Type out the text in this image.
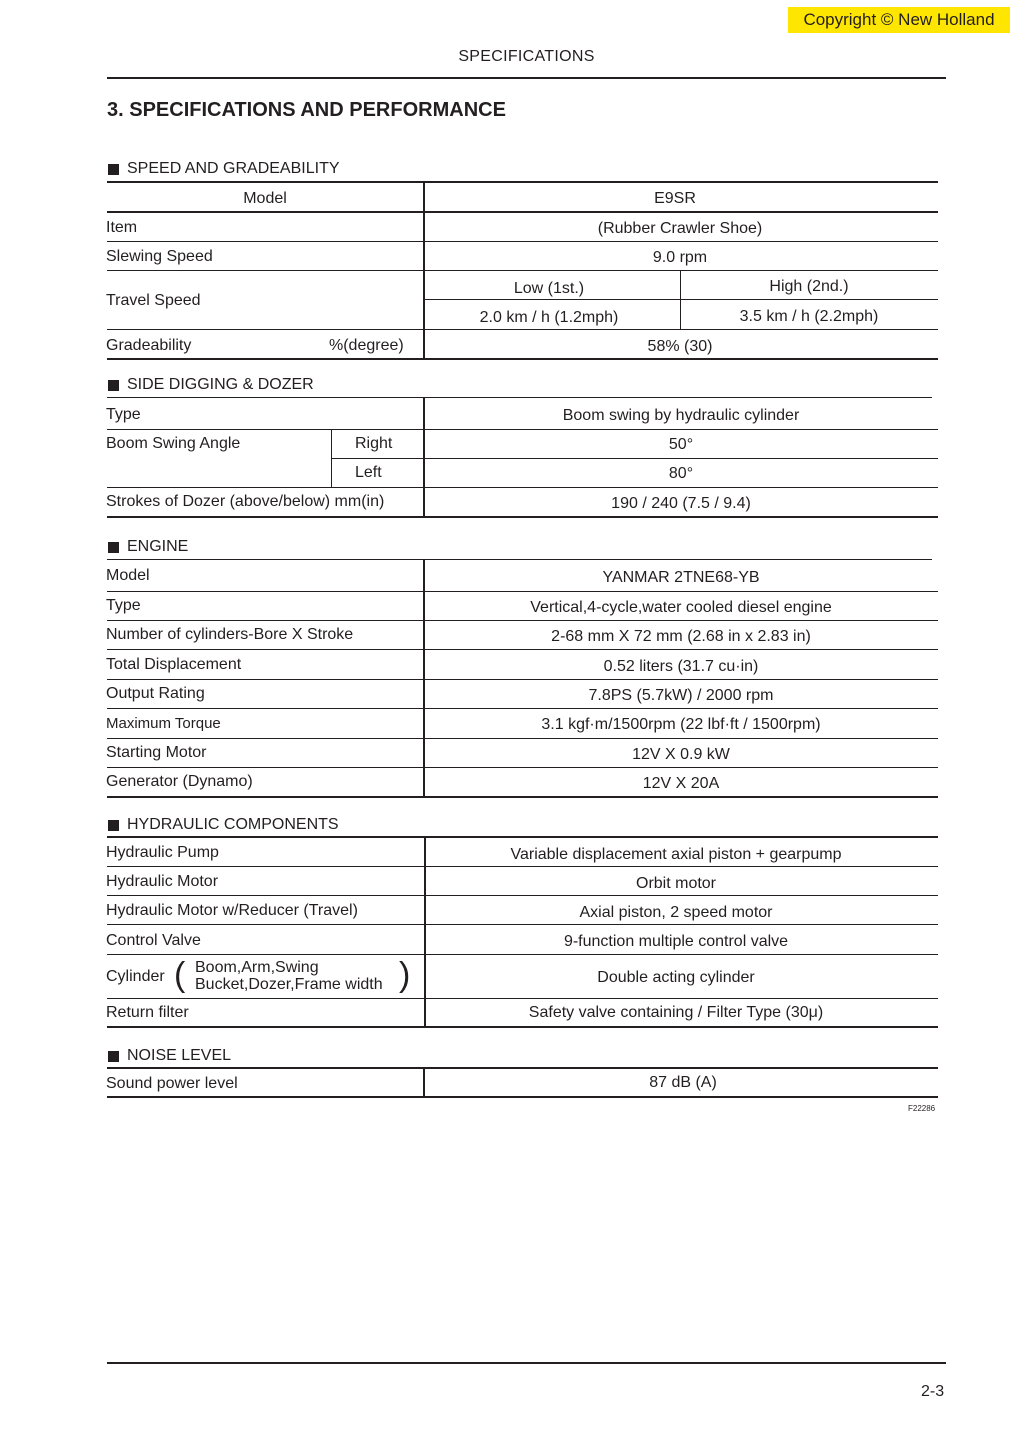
Copyright © New Holland
SPECIFICATIONS
3. SPECIFICATIONS AND PERFORMANCE
SPEED AND GRADEABILITY
Model	E9SR
Item	(Rubber Crawler Shoe)
Slewing Speed	9.0 rpm
Travel Speed
Low (1st.)	High (2nd.)
2.0 km / h (1.2mph)	3.5 km / h (2.2mph)
Gradeability	%(degree)	58% (30)
SIDE DIGGING & DOZER
Type	Boom swing by hydraulic cylinder
Boom Swing Angle	Right	50°
Left	80°
Strokes of Dozer (above/below) mm(in)	190 / 240 (7.5 / 9.4)
ENGINE
Model	YANMAR 2TNE68-YB
Type	Vertical,4-cycle,water cooled diesel engine
Number of cylinders-Bore X Stroke	2-68 mm X 72 mm (2.68 in x 2.83 in)
Total Displacement	0.52 liters (31.7 cu·in)
Output Rating	7.8PS (5.7kW) / 2000 rpm
Maximum Torque	3.1 kgf·m/1500rpm (22 lbf·ft / 1500rpm)
Starting Motor	12V X 0.9 kW
Generator (Dynamo)	12V X 20A
HYDRAULIC COMPONENTS
Hydraulic Pump	Variable displacement axial piston + gearpump
Hydraulic Motor	Orbit motor
Hydraulic Motor w/Reducer (Travel)	Axial piston, 2 speed motor
Control Valve	9-function multiple control valve
Cylinder ( Boom,Arm,Swing
Bucket,Dozer,Frame width )	Double acting cylinder
Return filter	Safety valve containing / Filter Type (30μ)
NOISE LEVEL
Sound power level	87 dB (A)
F22286
2-3
